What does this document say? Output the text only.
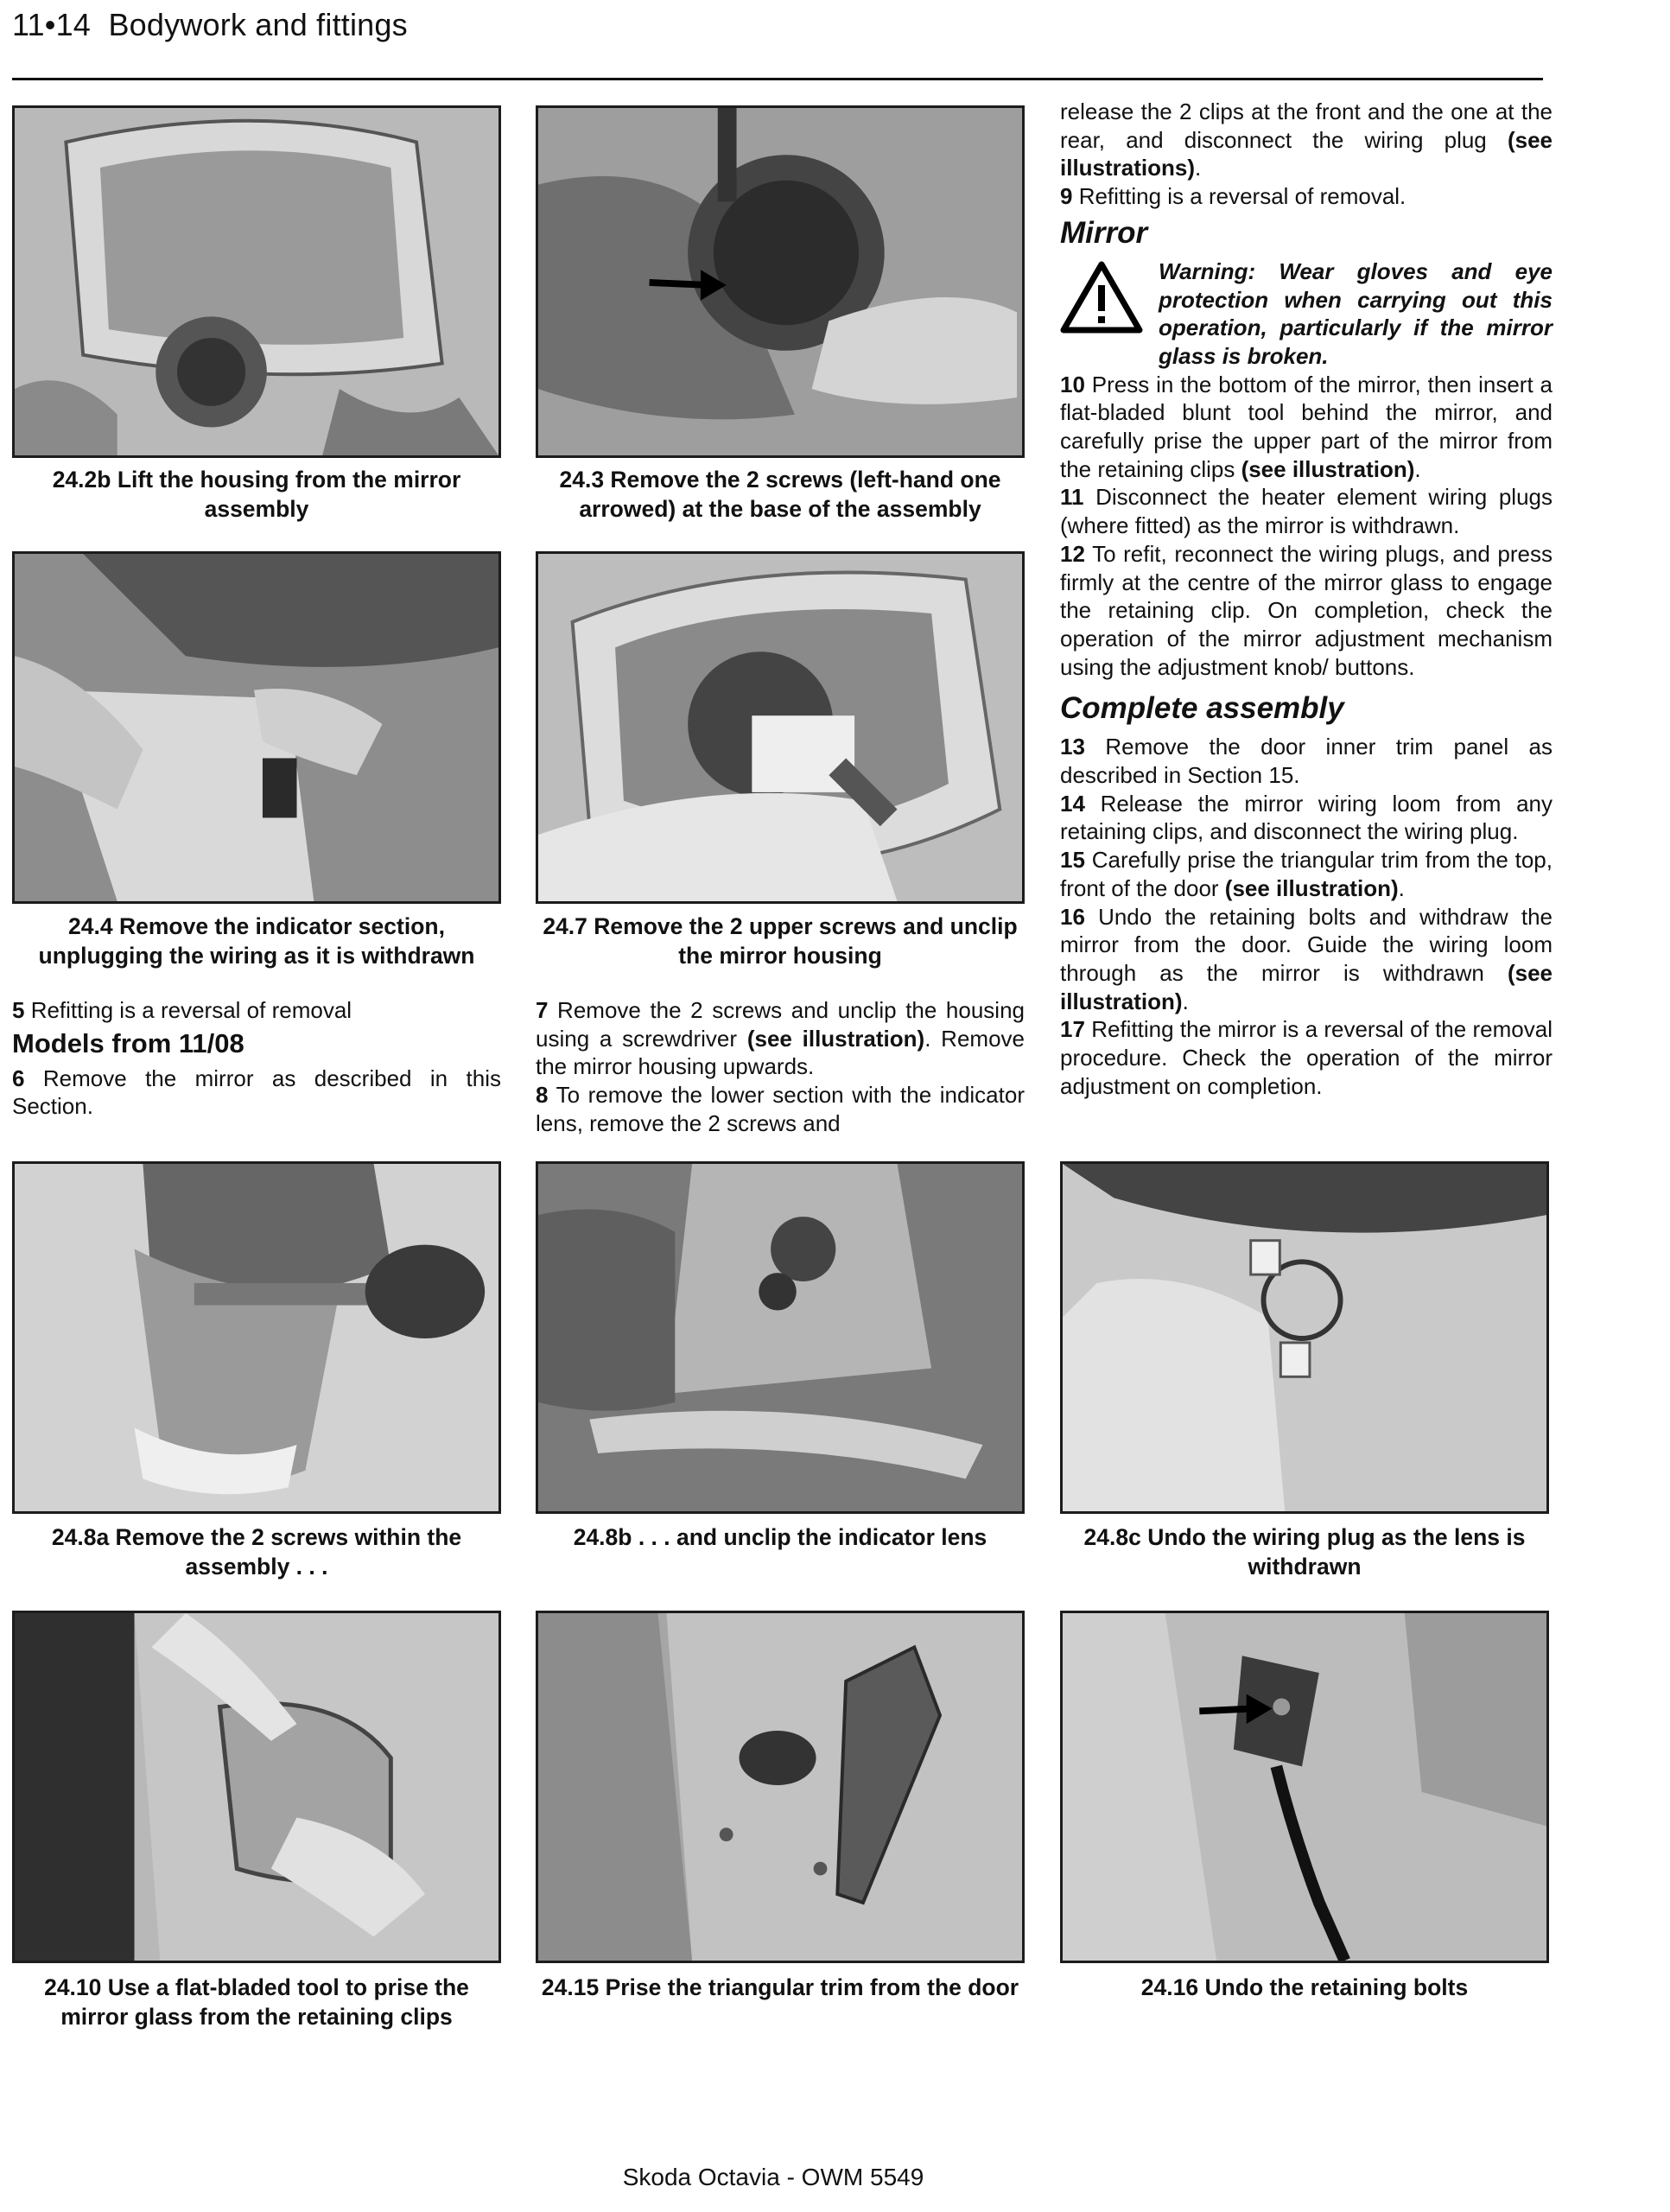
11•14 Bodywork and fittings
24.2b Lift the housing from the mirror assembly
24.3 Remove the 2 screws (left-hand one arrowed) at the base of the assembly
24.4 Remove the indicator section, unplugging the wiring as it is withdrawn
24.7 Remove the 2 upper screws and unclip the mirror housing

5 Refitting is a reversal of removal

Models from 11/08

6 Remove the mirror as described in this Section.

7 Remove the 2 screws and unclip the housing using a screwdriver (see illustration). Remove the mirror housing upwards.

8 To remove the lower section with the indicator lens, remove the 2 screws and

release the 2 clips at the front and the one at the rear, and disconnect the wiring plug (see illustrations).

9 Refitting is a reversal of removal.

Mirror
Warning: Wear gloves and eye protection when carrying out this operation, particularly if the mirror glass is broken.

10 Press in the bottom of the mirror, then insert a flat-bladed blunt tool behind the mirror, and carefully prise the upper part of the mirror from the retaining clips (see illustration).

11 Disconnect the heater element wiring plugs (where fitted) as the mirror is withdrawn.

12 To refit, reconnect the wiring plugs, and press firmly at the centre of the mirror glass to engage the retaining clip. On completion, check the operation of the mirror adjustment mechanism using the adjustment knob/ buttons.

Complete assembly

13 Remove the door inner trim panel as described in Section 15.

14 Release the mirror wiring loom from any retaining clips, and disconnect the wiring plug.

15 Carefully prise the triangular trim from the top, front of the door (see illustration).

16 Undo the retaining bolts and withdraw the mirror from the door. Guide the wiring loom through as the mirror is withdrawn (see illustration).

17 Refitting the mirror is a reversal of the removal procedure. Check the operation of the mirror adjustment on completion.

24.8a Remove the 2 screws within the assembly . . .
24.8b . . . and unclip the indicator lens	24.8c Undo the wiring plug as the lens is withdrawn
24.10 Use a flat-bladed tool to prise the mirror glass from the retaining clips
24.15 Prise the triangular trim from the door	24.16 Undo the retaining bolts
Skoda Octavia - OWM 5549
